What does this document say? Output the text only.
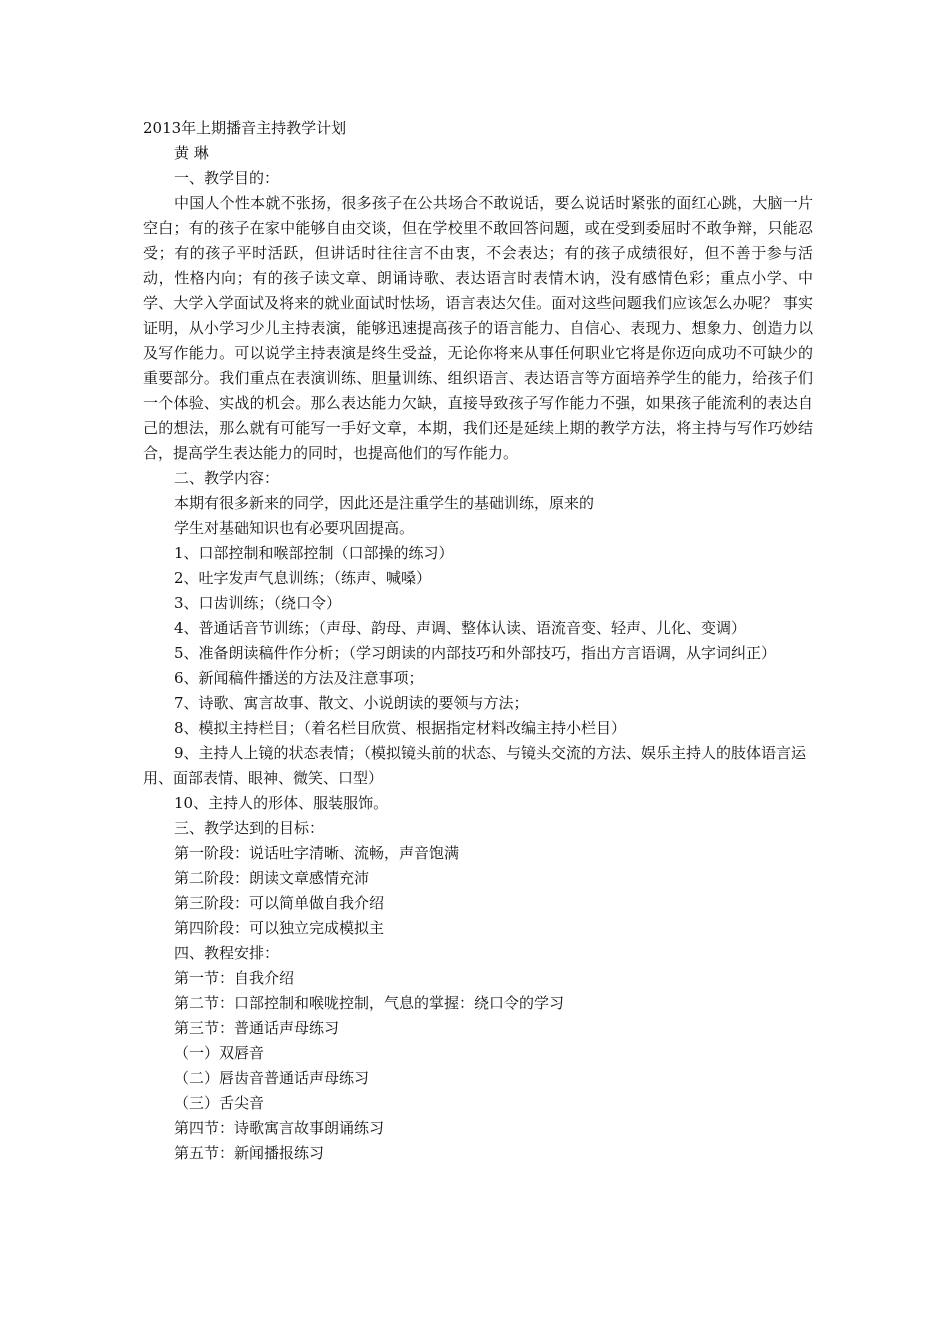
2013年上期播音主持教学计划
黄 琳
一、教学目的：

中国人个性本就不张扬，很多孩子在公共场合不敢说话，要么说话时紧张的面红心跳，大脑一片空白；有的孩子在家中能够自由交谈，但在学校里不敢回答问题，或在受到委屈时不敢争辩，只能忍受；有的孩子平时活跃，但讲话时往往言不由衷，不会表达；有的孩子成绩很好，但不善于参与活动，性格内向；有的孩子读文章、朗诵诗歌、表达语言时表情木讷，没有感情色彩；重点小学、中学、大学入学面试及将来的就业面试时怯场，语言表达欠佳。面对这些问题我们应该怎么办呢？ 事实证明，从小学习少儿主持表演，能够迅速提高孩子的语言能力、自信心、表现力、想象力、创造力以及写作能力。可以说学主持表演是终生受益，无论你将来从事任何职业它将是你迈向成功不可缺少的重要部分。我们重点在表演训练、胆量训练、组织语言、表达语言等方面培养学生的能力，给孩子们一个体验、实战的机会。那么表达能力欠缺，直接导致孩子写作能力不强，如果孩子能流利的表达自己的想法，那么就有可能写一手好文章，本期，我们还是延续上期的教学方法，将主持与写作巧妙结合，提高学生表达能力的同时，也提高他们的写作能力。

二、教学内容：
本期有很多新来的同学，因此还是注重学生的基础训练，原来的
学生对基础知识也有必要巩固提高。

1、口部控制和喉部控制（口部操的练习）

2、吐字发声气息训练；（练声、喊嗓）

3、口齿训练；（绕口令）

4、普通话音节训练；（声母、韵母、声调、整体认读、语流音变、轻声、儿化、变调）

5、准备朗读稿件作分析；（学习朗读的内部技巧和外部技巧，指出方言语调，从字词纠正）

6、新闻稿件播送的方法及注意事项；

7、诗歌、寓言故事、散文、小说朗读的要领与方法；

8、模拟主持栏目；（着名栏目欣赏、根据指定材料改编主持小栏目）

9、主持人上镜的状态表情；（模拟镜头前的状态、与镜头交流的方法、娱乐主持人的肢体语言运用、面部表情、眼神、微笑、口型）

10、主持人的形体、服装服饰。

三、教学达到的目标：
第一阶段：说话吐字清晰、流畅，声音饱满
第二阶段：朗读文章感情充沛
第三阶段：可以简单做自我介绍
第四阶段：可以独立完成模拟主
四、教程安排：
第一节：自我介绍
第二节：口部控制和喉咙控制，气息的掌握：绕口令的学习
第三节：普通话声母练习
（一）双唇音
（二）唇齿音普通话声母练习
（三）舌尖音
第四节：诗歌寓言故事朗诵练习
第五节：新闻播报练习
